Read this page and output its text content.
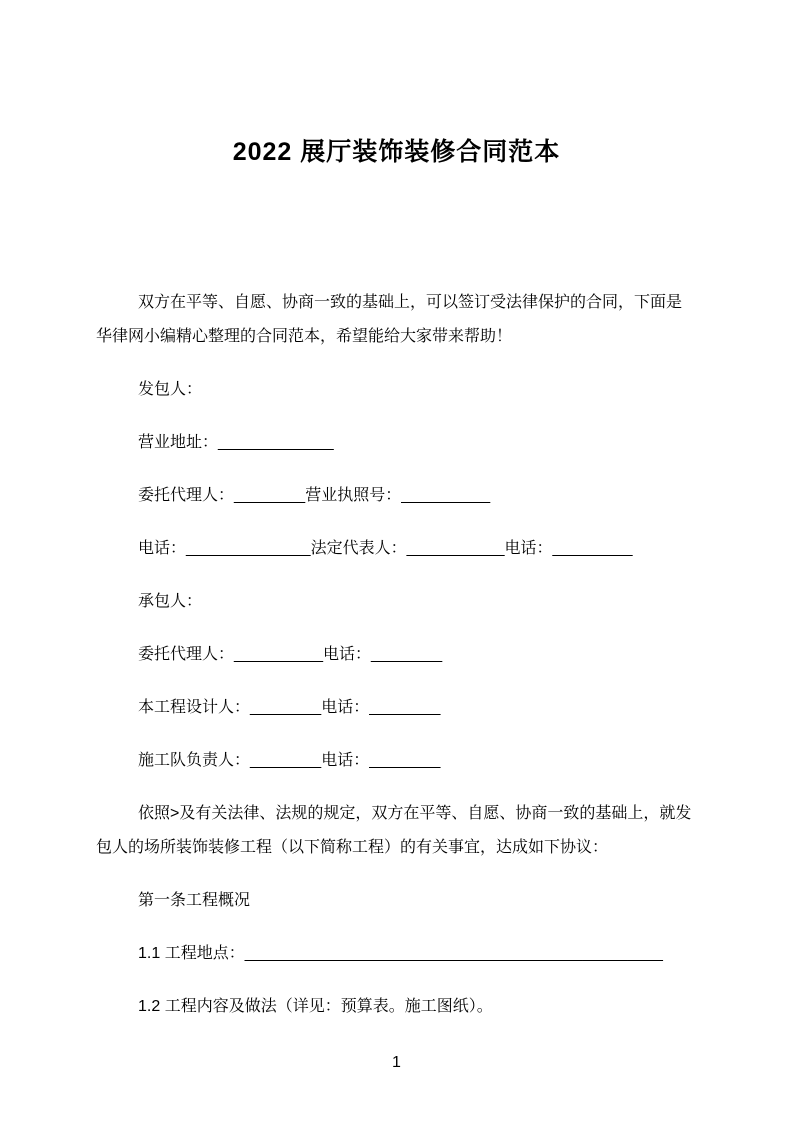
2022 展厅装饰装修合同范本

双方在平等、自愿、协商一致的基础上，可以签订受法律保护的合同，下面是华律网小编精心整理的合同范本，希望能给大家带来帮助！

发包人：

营业地址：_____________

委托代理人：________营业执照号：__________

电话：______________法定代表人：___________电话：_________

承包人：

委托代理人：__________电话：________

本工程设计人：________电话：________

施工队负责人：________电话：________

依照>及有关法律、法规的规定，双方在平等、自愿、协商一致的基础上，就发包人的场所装饰装修工程（以下简称工程）的有关事宜，达成如下协议：

第一条工程概况

1.1 工程地点：_______________________________________________

1.2 工程内容及做法（详见：预算表。施工图纸）。

1
